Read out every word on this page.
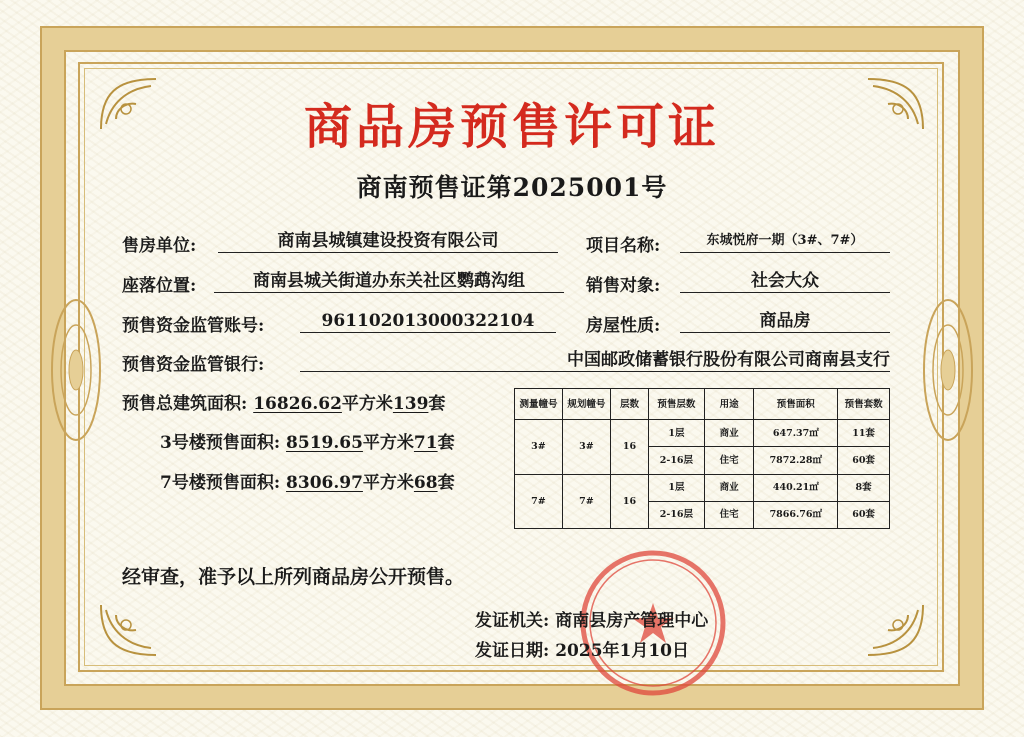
商品房预售许可证
商南预售证第2025001号
售房单位:	商南县城镇建设投资有限公司	项目名称:	东城悦府一期（3#、7#）
座落位置:	商南县城关街道办东关社区鹦鹉沟组	销售对象:	社会大众
预售资金监管账号:	961102013000322104	房屋性质:	商品房
预售资金监管银行:	中国邮政储蓄银行股份有限公司商南县支行
预售总建筑面积: 16826.62平方米139套
3号楼预售面积: 8519.65平方米71套
7号楼预售面积: 8306.97平方米68套
测量幢号	规划幢号	层数	预售层数	用途	预售面积	预售套数
3#	3#	16	1层	商业	647.37㎡	11套
			2-16层	住宅	7872.28㎡	60套
7#	7#	16	1层	商业	440.21㎡	8套
			2-16层	住宅	7866.76㎡	60套
经审查，准予以上所列商品房公开预售。
发证机关: 商南县房产管理中心
发证日期: 2025年1月10日
